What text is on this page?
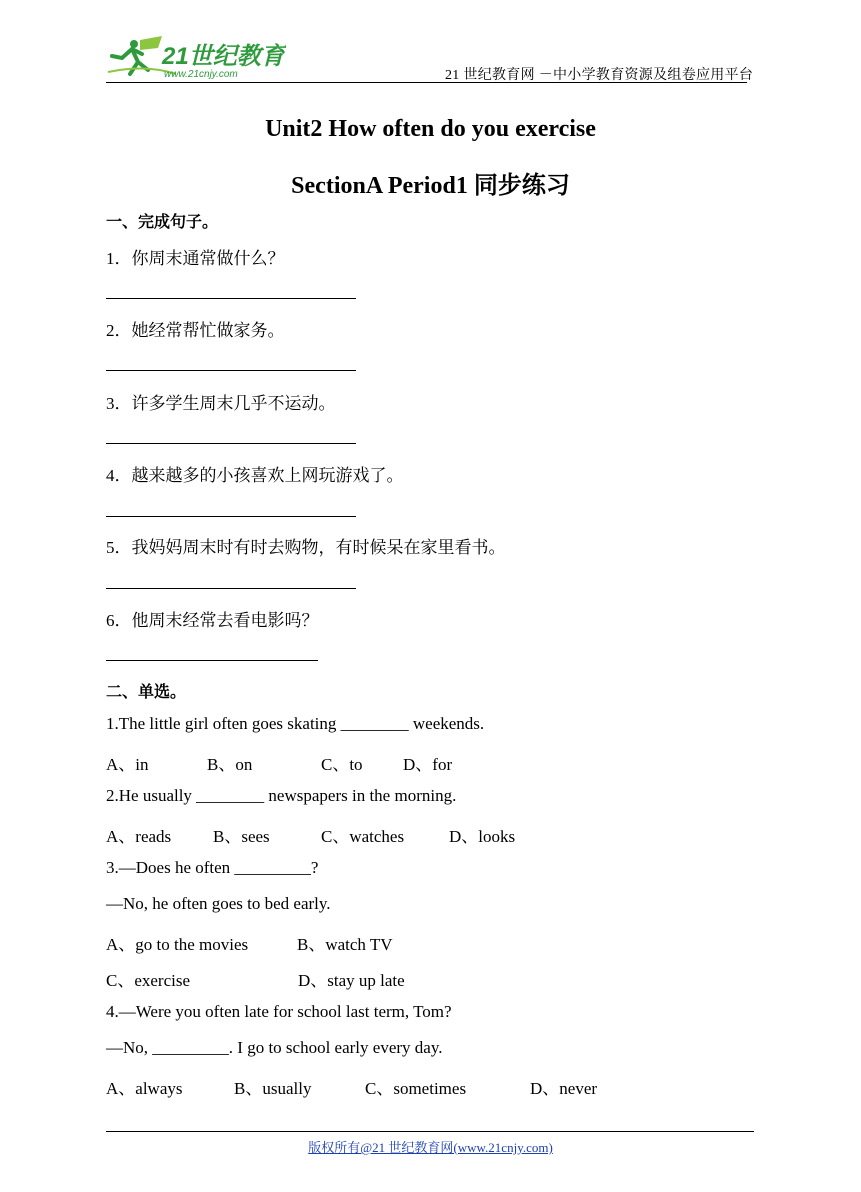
21世纪教育
www.21cnjy.com	21 世纪教育网 －中小学教育资源及组卷应用平台
Unit2 How often do you exercise
SectionA Period1 同步练习
一、完成句子。
1．你周末通常做什么？
2．她经常帮忙做家务。
3．许多学生周末几乎不运动。
4．越来越多的小孩喜欢上网玩游戏了。
5．我妈妈周末时有时去购物，有时候呆在家里看书。
6．他周末经常去看电影吗？
二、单选。
1.The little girl often goes skating ________ weekends.
A、in	B、on	C、to D、for
2.He usually ________ newspapers in the morning.
A、reads B、sees	C、watches	D、looks
3.—Does he often _________?
—No, he often goes to bed early.
A、go to the movies	B、watch TV
C、exercise	D、stay up late
4.—Were you often late for school last term, Tom?
—No, _________. I go to school early every day.
A、always	B、usually	C、sometimes	D、never
版权所有@21 世纪教育网(www.21cnjy.com)
